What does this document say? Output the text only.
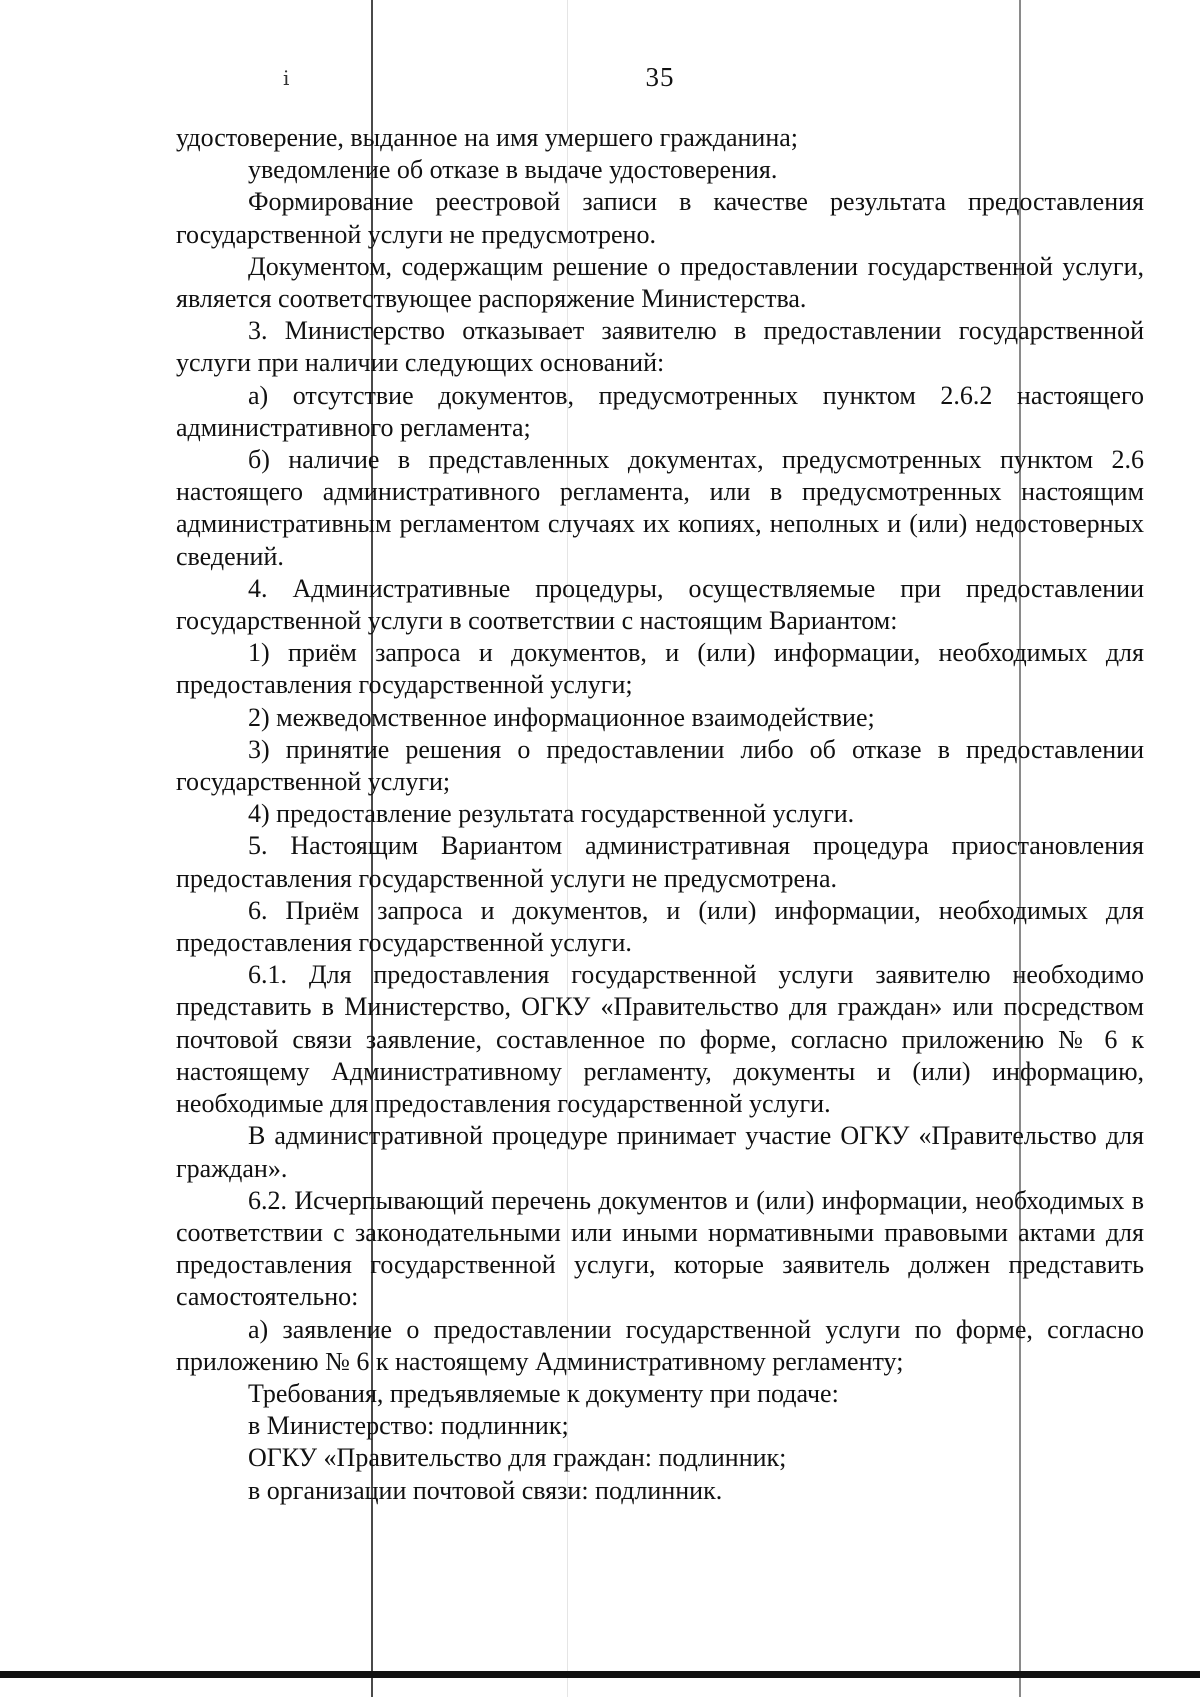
ⅰ	35

удостоверение, выданное на имя умершего гражданина;

уведомление об отказе в выдаче удостоверения.

Формирование реестровой записи в качестве результата предоставления государственной услуги не предусмотрено.

Документом, содержащим решение о предоставлении государственной услуги, является соответствующее распоряжение Министерства.

3. Министерство отказывает заявителю в предоставлении государственной услуги при наличии следующих оснований:

а) отсутствие документов, предусмотренных пунктом 2.6.2 настоящего административного регламента;

б) наличие в представленных документах, предусмотренных пунктом 2.6 настоящего административного регламента, или в предусмотренных настоящим административным регламентом случаях их копиях, неполных и (или) недостоверных сведений.

4. Административные процедуры, осуществляемые при предоставлении государственной услуги в соответствии с настоящим Вариантом:

1) приём запроса и документов, и (или) информации, необходимых для предоставления государственной услуги;

2) межведомственное информационное взаимодействие;

3) принятие решения о предоставлении либо об отказе в предоставлении государственной услуги;

4) предоставление результата государственной услуги.

5. Настоящим Вариантом административная процедура приостановления предоставления государственной услуги не предусмотрена.

6. Приём запроса и документов, и (или) информации, необходимых для предоставления государственной услуги.

6.1. Для предоставления государственной услуги заявителю необходимо представить в Министерство, ОГКУ «Правительство для граждан» или посредством почтовой связи заявление, составленное по форме, согласно приложению № 6 к настоящему Административному регламенту, документы и (или) информацию, необходимые для предоставления государственной услуги.

В административной процедуре принимает участие ОГКУ «Правительство для граждан».

6.2. Исчерпывающий перечень документов и (или) информации, необходимых в соответствии с законодательными или иными нормативными правовыми актами для предоставления государственной услуги, которые заявитель должен представить самостоятельно:

а) заявление о предоставлении государственной услуги по форме, согласно приложению № 6 к настоящему Административному регламенту;

Требования, предъявляемые к документу при подаче:

в Министерство: подлинник;

ОГКУ «Правительство для граждан: подлинник;

в организации почтовой связи: подлинник.
